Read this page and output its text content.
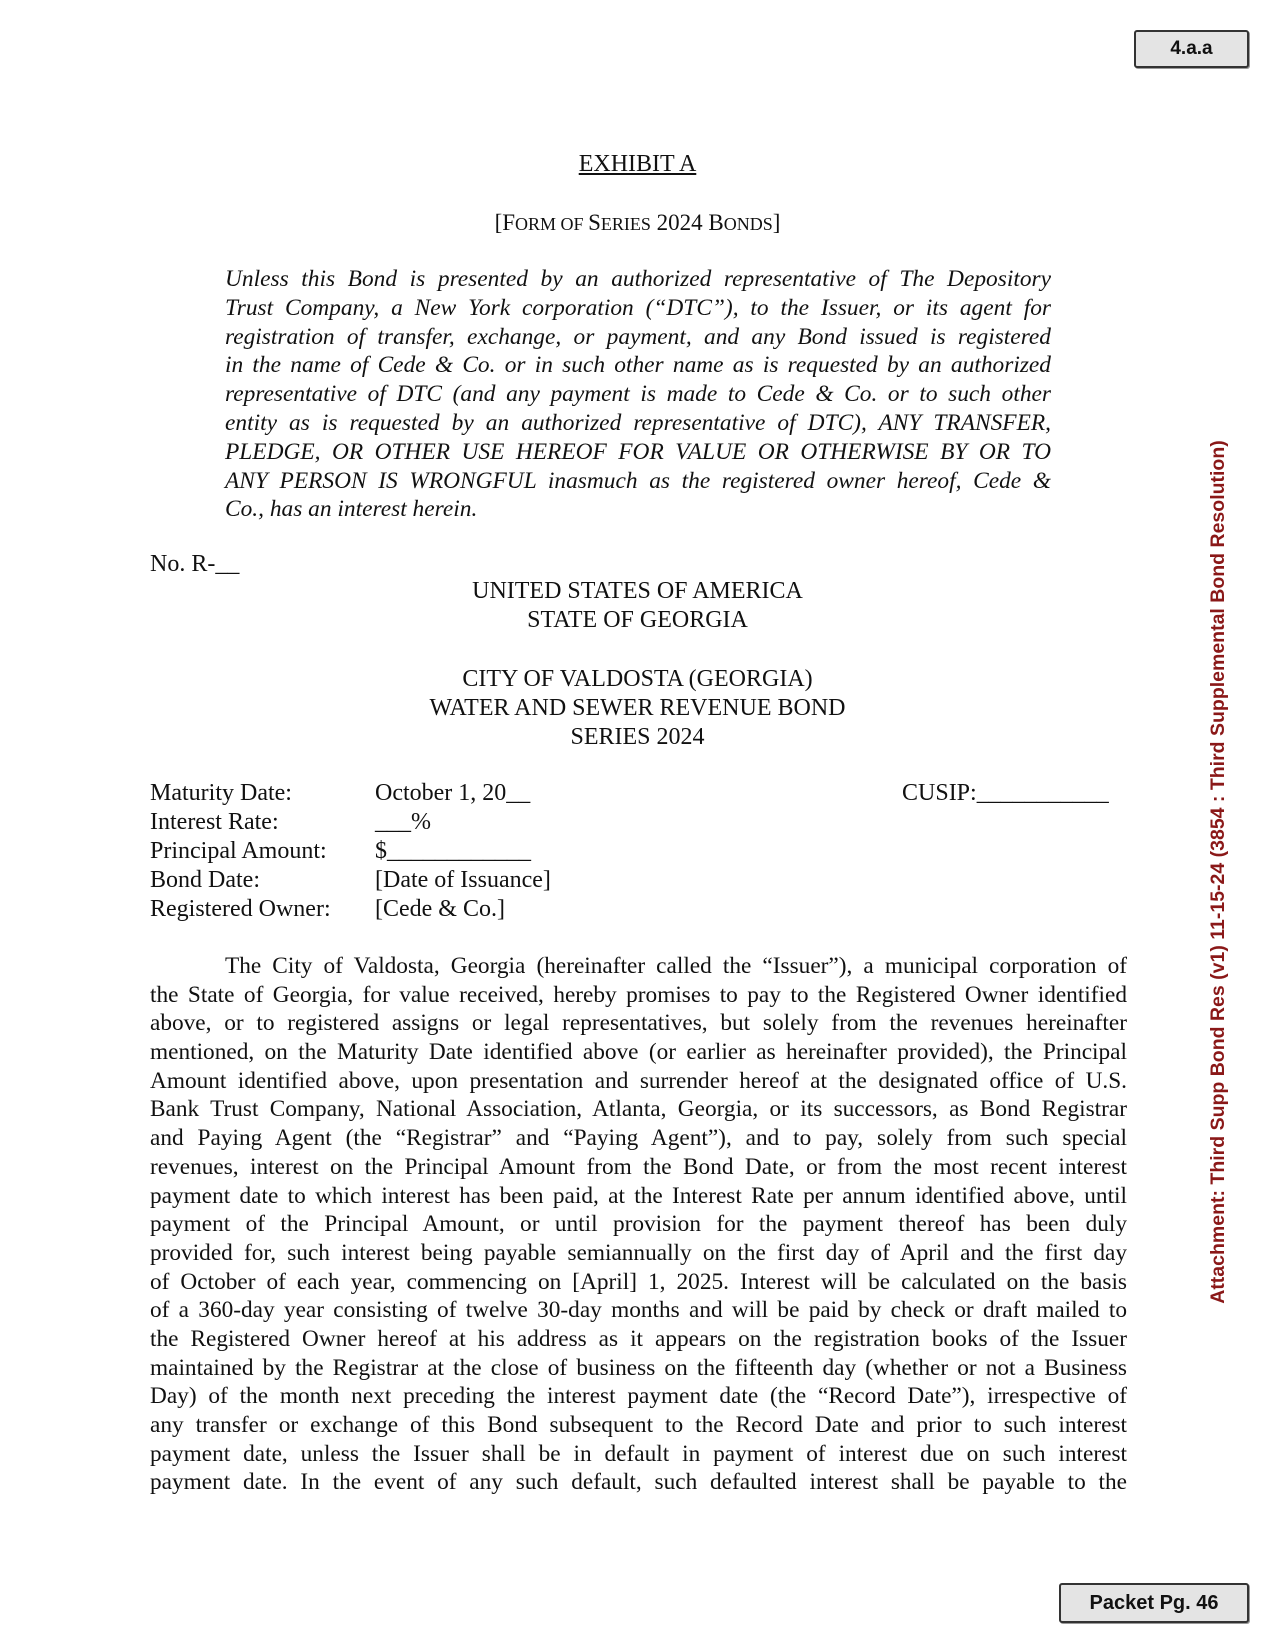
4.a.a
Attachment: Third Supp Bond Res (v1) 11-15-24 (3854 : Third Supplemental Bond Resolution)
EXHIBIT A
[FORM OF SERIES 2024 BONDS]
Unless this Bond is presented by an authorized representative of The Depository
Trust Company, a New York corporation (“DTC”), to the Issuer, or its agent for
registration of transfer, exchange, or payment, and any Bond issued is registered
in the name of Cede & Co. or in such other name as is requested by an authorized
representative of DTC (and any payment is made to Cede & Co. or to such other
entity as is requested by an authorized representative of DTC), ANY TRANSFER,
PLEDGE, OR OTHER USE HEREOF FOR VALUE OR OTHERWISE BY OR TO
ANY PERSON IS WRONGFUL inasmuch as the registered owner hereof, Cede &
Co., has an interest herein.
No. R-__
UNITED STATES OF AMERICA
STATE OF GEORGIA
CITY OF VALDOSTA (GEORGIA)
WATER AND SEWER REVENUE BOND
SERIES 2024
Maturity Date:	October 1, 20__
Interest Rate:	___%
Principal Amount:	$____________
Bond Date:	[Date of Issuance]
Registered Owner:	[Cede & Co.]
CUSIP:___________
The City of Valdosta, Georgia (hereinafter called the “Issuer”), a municipal corporation of
the State of Georgia, for value received, hereby promises to pay to the Registered Owner identified
above, or to registered assigns or legal representatives, but solely from the revenues hereinafter
mentioned, on the Maturity Date identified above (or earlier as hereinafter provided), the Principal
Amount identified above, upon presentation and surrender hereof at the designated office of U.S.
Bank Trust Company, National Association, Atlanta, Georgia, or its successors, as Bond Registrar
and Paying Agent (the “Registrar” and “Paying Agent”), and to pay, solely from such special
revenues, interest on the Principal Amount from the Bond Date, or from the most recent interest
payment date to which interest has been paid, at the Interest Rate per annum identified above, until
payment of the Principal Amount, or until provision for the payment thereof has been duly
provided for, such interest being payable semiannually on the first day of April and the first day
of October of each year, commencing on [April] 1, 2025. Interest will be calculated on the basis
of a 360-day year consisting of twelve 30-day months and will be paid by check or draft mailed to
the Registered Owner hereof at his address as it appears on the registration books of the Issuer
maintained by the Registrar at the close of business on the fifteenth day (whether or not a Business
Day) of the month next preceding the interest payment date (the “Record Date”), irrespective of
any transfer or exchange of this Bond subsequent to the Record Date and prior to such interest
payment date, unless the Issuer shall be in default in payment of interest due on such interest
payment date. In the event of any such default, such defaulted interest shall be payable to the
Packet Pg. 46
